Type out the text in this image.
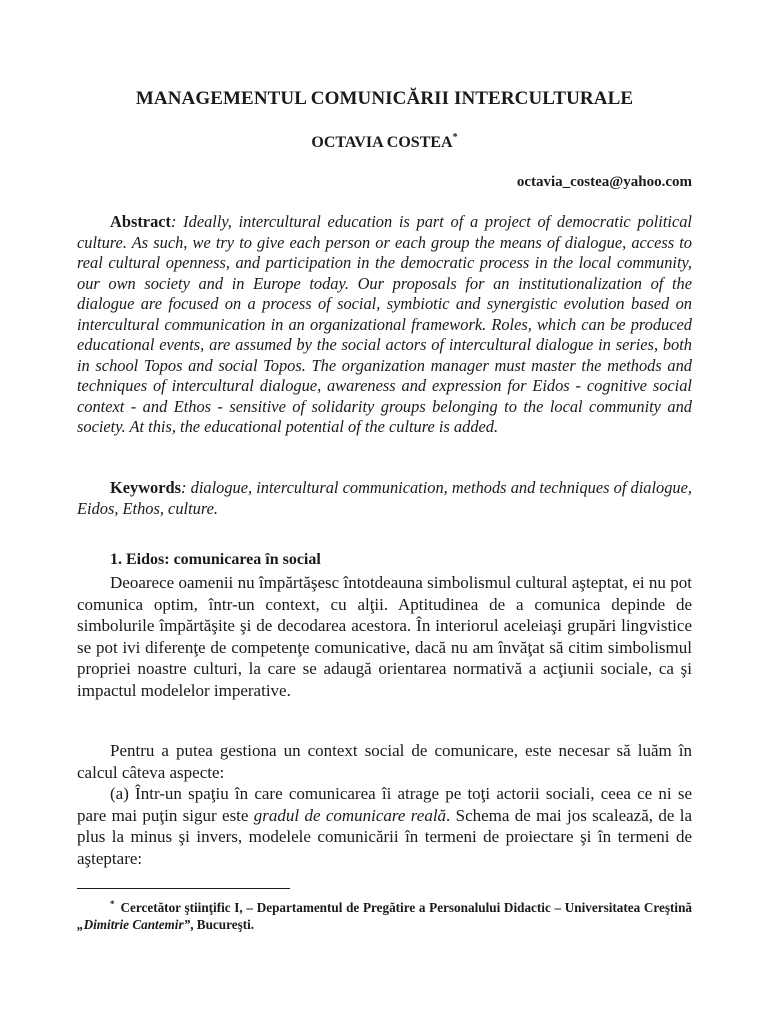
MANAGEMENTUL COMUNICĂRII INTERCULTURALE

OCTAVIA COSTEA*

octavia_costea@yahoo.com

Abstract: Ideally, intercultural education is part of a project of democratic political culture. As such, we try to give each person or each group the means of dialogue, access to real cultural openness, and participation in the democratic process in the local community, our own society and in Europe today. Our proposals for an institutionalization of the dialogue are focused on a process of social, symbiotic and synergistic evolution based on intercultural communication in an organizational framework. Roles, which can be produced educational events, are assumed by the social actors of intercultural dialogue in series, both in school Topos and social Topos. The organization manager must master the methods and techniques of intercultural dialogue, awareness and expression for Eidos - cognitive social context - and Ethos - sensitive of solidarity groups belonging to the local community and society. At this, the educational potential of the culture is added.

Keywords: dialogue, intercultural communication, methods and techniques of dialogue, Eidos, Ethos, culture.

1. Eidos: comunicarea în social

Deoarece oamenii nu împărtăşesc întotdeauna simbolismul cultural aşteptat, ei nu pot comunica optim, într-un context, cu alţii. Aptitudinea de a comunica depinde de simbolurile împărtăşite şi de decodarea acestora. În interiorul aceleiaşi grupări lingvistice se pot ivi diferenţe de competenţe comunicative, dacă nu am învăţat să citim simbolismul propriei noastre culturi, la care se adaugă orientarea normativă a acţiunii sociale, ca şi impactul modelelor imperative.

Pentru a putea gestiona un context social de comunicare, este necesar să luăm în calcul câteva aspecte:

(a) Într-un spaţiu în care comunicarea îi atrage pe toţi actorii sociali, ceea ce ni se pare mai puţin sigur este gradul de comunicare reală. Schema de mai jos scalează, de la plus la minus şi invers, modelele comunicării în termeni de proiectare şi în termeni de aşteptare:

* Cercetător ştiinţific I, – Departamentul de Pregătire a Personalului Didactic – Universitatea Creştină „Dimitrie Cantemir”, Bucureşti.
